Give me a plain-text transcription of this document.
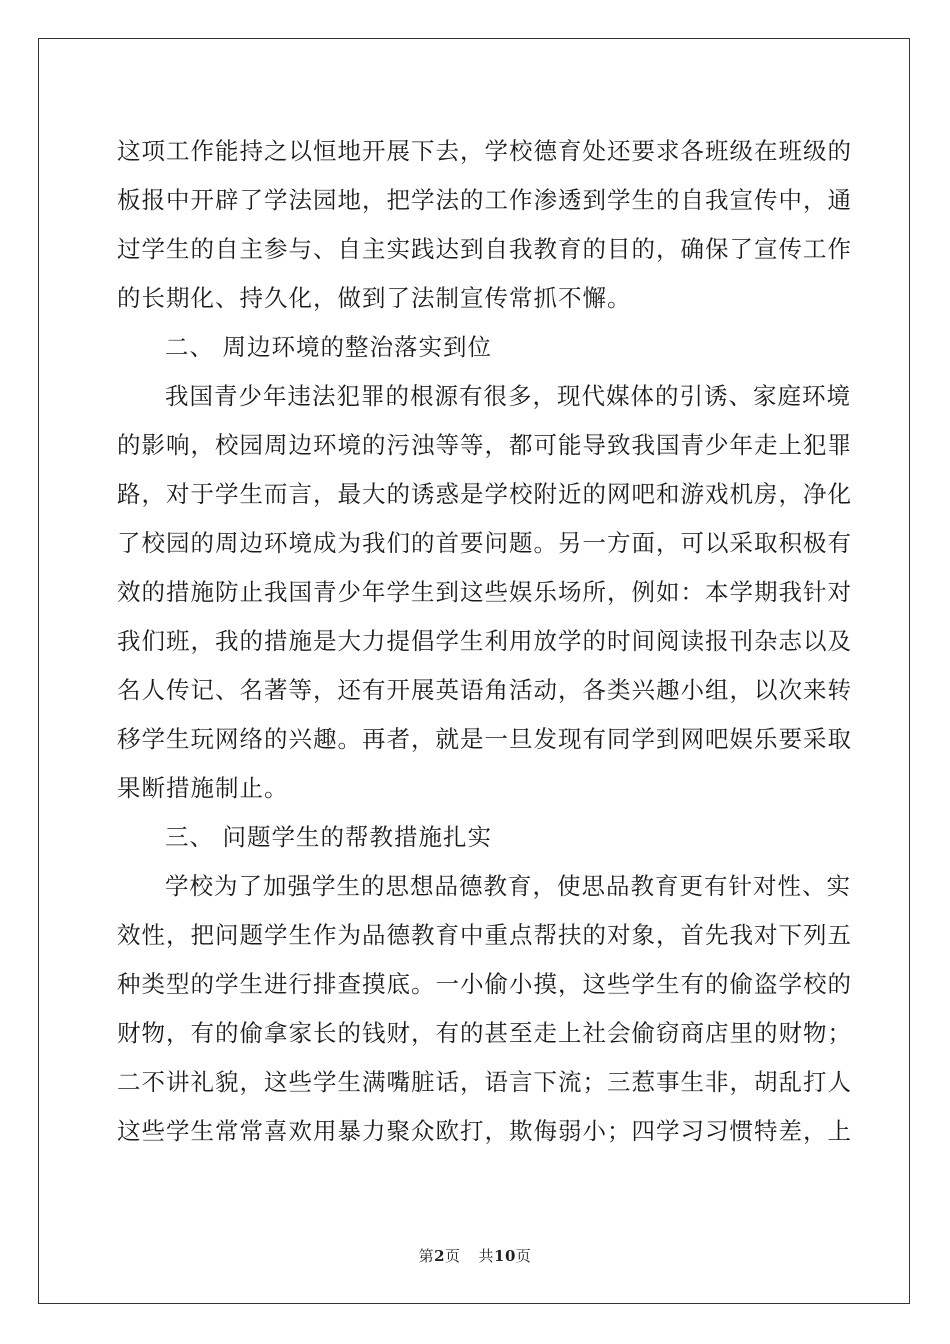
这项工作能持之以恒地开展下去，学校德育处还要求各班级在班级的
板报中开辟了学法园地，把学法的工作渗透到学生的自我宣传中，通
过学生的自主参与、自主实践达到自我教育的目的，确保了宣传工作
的长期化、持久化，做到了法制宣传常抓不懈。
二、 周边环境的整治落实到位
我国青少年违法犯罪的根源有很多，现代媒体的引诱、家庭环境
的影响，校园周边环境的污浊等等，都可能导致我国青少年走上犯罪
路，对于学生而言，最大的诱惑是学校附近的网吧和游戏机房，净化
了校园的周边环境成为我们的首要问题。另一方面，可以采取积极有
效的措施防止我国青少年学生到这些娱乐场所，例如：本学期我针对
我们班，我的措施是大力提倡学生利用放学的时间阅读报刊杂志以及
名人传记、名著等，还有开展英语角活动，各类兴趣小组，以次来转
移学生玩网络的兴趣。再者，就是一旦发现有同学到网吧娱乐要采取
果断措施制止。
三、 问题学生的帮教措施扎实
学校为了加强学生的思想品德教育，使思品教育更有针对性、实
效性，把问题学生作为品德教育中重点帮扶的对象，首先我对下列五
种类型的学生进行排查摸底。一小偷小摸，这些学生有的偷盗学校的
财物，有的偷拿家长的钱财，有的甚至走上社会偷窃商店里的财物；
二不讲礼貌，这些学生满嘴脏话，语言下流；三惹事生非，胡乱打人
这些学生常常喜欢用暴力聚众欧打，欺侮弱小；四学习习惯特差，上
第2页 共10页
